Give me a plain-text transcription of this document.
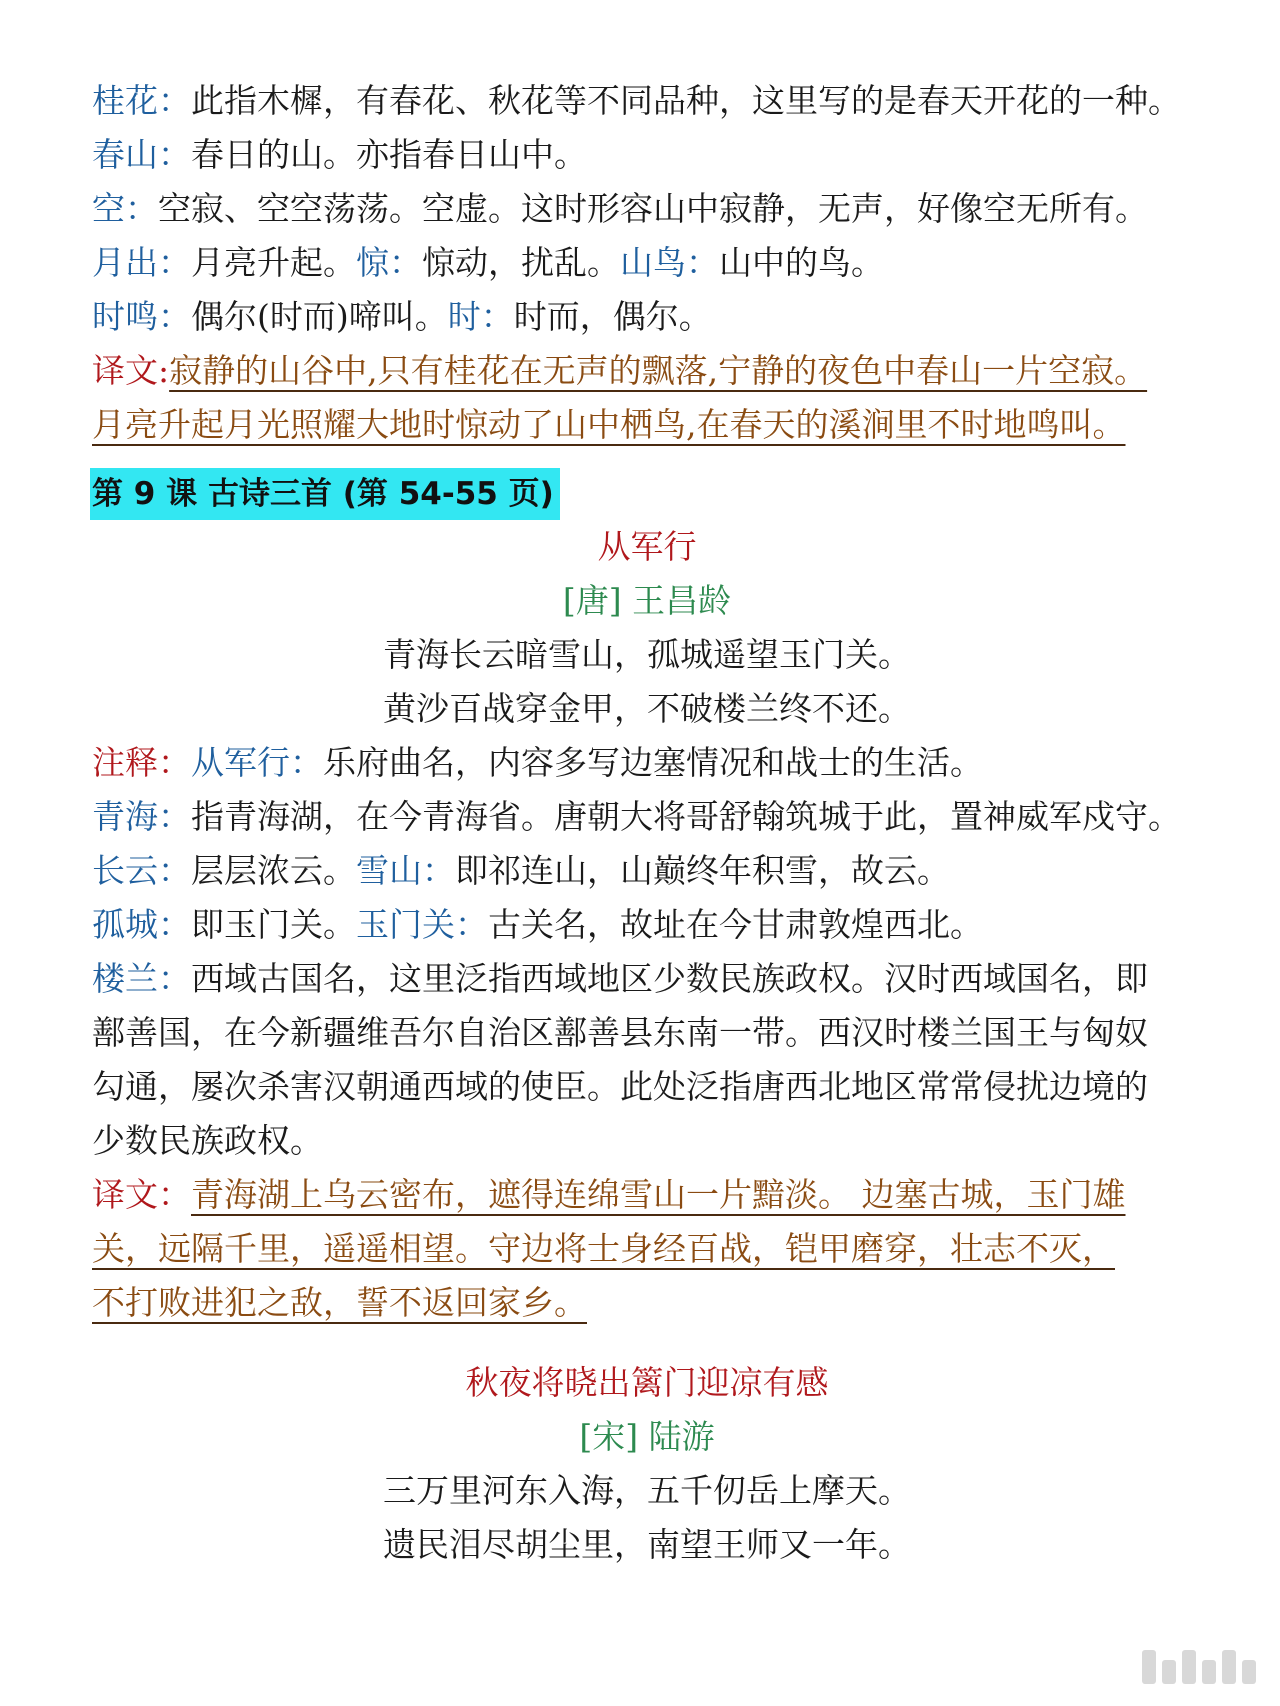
桂花：此指木樨，有春花、秋花等不同品种，这里写的是春天开花的一种。
春山：春日的山。亦指春日山中。
空：空寂、空空荡荡。空虚。这时形容山中寂静，无声，好像空无所有。
月出：月亮升起。惊：惊动，扰乱。山鸟：山中的鸟。
时鸣：偶尔(时而)啼叫。时：时而，偶尔。
译文:寂静的山谷中,只有桂花在无声的飘落,宁静的夜色中春山一片空寂。
月亮升起月光照耀大地时惊动了山中栖鸟,在春天的溪涧里不时地鸣叫。
第 9 课 古诗三首 (第 54-55 页)
从军行
[唐] 王昌龄
青海长云暗雪山，孤城遥望玉门关。
黄沙百战穿金甲，不破楼兰终不还。
注释：从军行：乐府曲名，内容多写边塞情况和战士的生活。
青海：指青海湖，在今青海省。唐朝大将哥舒翰筑城于此，置神威军戍守。
长云：层层浓云。雪山：即祁连山，山巅终年积雪，故云。
孤城：即玉门关。玉门关：古关名，故址在今甘肃敦煌西北。
楼兰：西域古国名，这里泛指西域地区少数民族政权。汉时西域国名，即
鄯善国，在今新疆维吾尔自治区鄯善县东南一带。西汉时楼兰国王与匈奴
勾通，屡次杀害汉朝通西域的使臣。此处泛指唐西北地区常常侵扰边境的
少数民族政权。
译文：青海湖上乌云密布，遮得连绵雪山一片黯淡。 边塞古城，玉门雄
关，远隔千里，遥遥相望。守边将士身经百战，铠甲磨穿，壮志不灭，
不打败进犯之敌，誓不返回家乡。
秋夜将晓出篱门迎凉有感
[宋] 陆游
三万里河东入海，五千仞岳上摩天。
遗民泪尽胡尘里，南望王师又一年。
